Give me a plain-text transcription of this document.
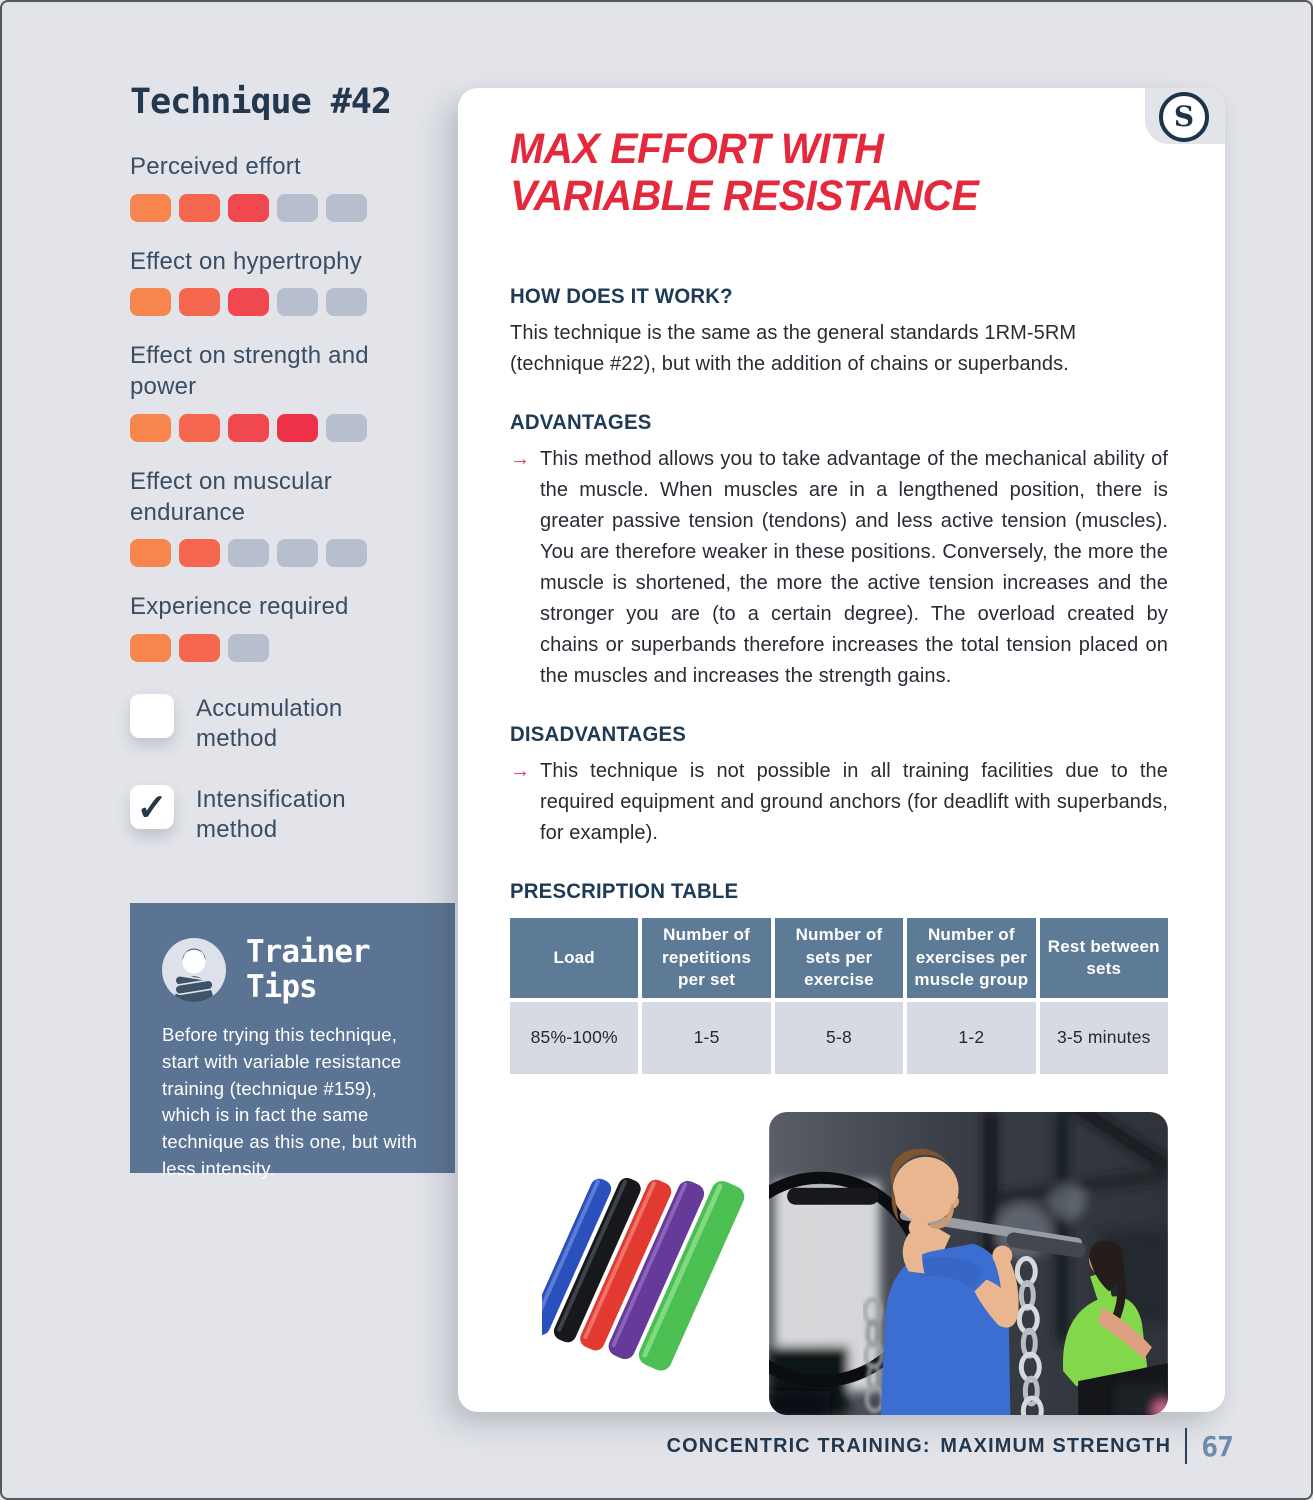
Technique #42
Perceived effort
Effect on hypertrophy
Effect on strength and power
Effect on muscular endurance
Experience required
Accumulation method
✓ Intensification method
Trainer
Tips

Before trying this technique, start with variable resistance training (technique #159), which is in fact the same technique as this one, but with less intensity.

S
MAX EFFORT WITH VARIABLE RESISTANCE
HOW DOES IT WORK?

This technique is the same as the general standards 1RM-5RM (technique #22), but with the addition of chains or superbands.

ADVANTAGES
→ This method allows you to take advantage of the mechanical ability of the muscle. When muscles are in a lengthened position, there is greater passive tension (tendons) and less active tension (muscles). You are therefore weaker in these positions. Conversely, the more the muscle is shortened, the more the active tension increases and the stronger you are (to a certain degree). The overload created by chains or superbands therefore increases the total tension placed on the muscles and increases the strength gains.

DISADVANTAGES
→ This technique is not possible in all training facilities due to the required equipment and ground anchors (for deadlift with superbands, for example).

PRESCRIPTION TABLE
Load	Number of repetitions per set	Number of sets per exercise	Number of exercises per muscle group	Rest between sets
85%-100%	1-5	5-8	1-2	3-5 minutes
CONCENTRIC TRAINING: MAXIMUM STRENGTH 67
